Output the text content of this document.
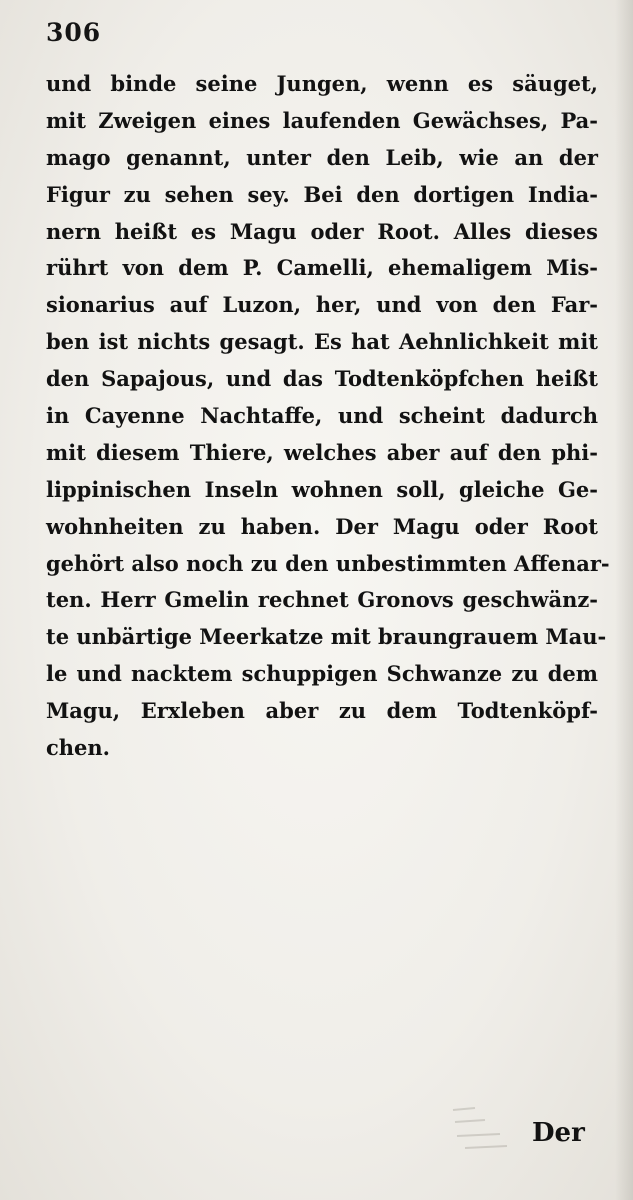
306
und binde seine Jungen, wenn es säuget,
mit Zweigen eines laufenden Gewächses, Pa-
mago genannt, unter den Leib, wie an der
Figur zu sehen sey. Bei den dortigen India-
nern heißt es Magu oder Root. Alles dieses
rührt von dem P. Camelli, ehemaligem Mis-
sionarius auf Luzon, her, und von den Far-
ben ist nichts gesagt. Es hat Aehnlichkeit mit
den Sapajous, und das Todtenköpfchen heißt
in Cayenne Nachtaffe, und scheint dadurch
mit diesem Thiere, welches aber auf den phi-
lippinischen Inseln wohnen soll, gleiche Ge-
wohnheiten zu haben. Der Magu oder Root
gehört also noch zu den unbestimmten Affenar-
ten. Herr Gmelin rechnet Gronovs geschwänz-
te unbärtige Meerkatze mit braungrauem Mau-
le und nacktem schuppigen Schwanze zu dem
Magu, Erxleben aber zu dem Todtenköpf-
chen.
Der
